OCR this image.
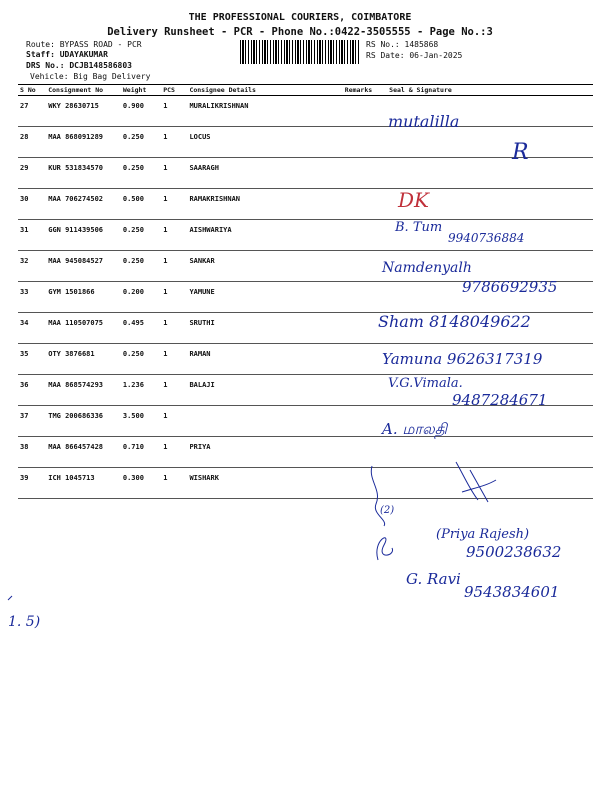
THE PROFESSIONAL COURIERS, COIMBATORE
Delivery Runsheet - PCR - Phone No.:0422-3505555 - Page No.:3
Route: BYPASS ROAD - PCR
Staff: UDAYAKUMAR
DRS No.: DCJB148586803
Vehicle: Big Bag Delivery
RS No.: 1485868
RS Date: 06-Jan-2025
S No	Consignment No	Weight	PCS	Consignee Details	Remarks	Seal & Signature
27	WKY 28630715	0.900	1	MURALIKRISHNAN		
28	MAA 868091289	0.250	1	LOCUS		
29	KUR 531834570	0.250	1	SAARAGH		
30	MAA 706274502	0.500	1	RAMAKRISHNAN		
31	GGN 911439506	0.250	1	AISHWARIYA		
32	MAA 945084527	0.250	1	SANKAR		
33	GYM 1501866	0.200	1	YAMUNE		
34	MAA 110507075	0.495	1	SRUTHI		
35	OTY 3876681	0.250	1	RAMAN		
36	MAA 868574293	1.236	1	BALAJI		
37	TMG 200686336	3.500	1			
38	MAA 866457428	0.710	1	PRIYA		
39	ICH 1045713	0.300	1	WISHARK		
mutalilla
R
DK
B. Tum
9940736884
Namdenyalh
9786692935
Sham 8148049622
Yamuna 9626317319
V.G.Vimala.
9487284671
A. மாலதி
(2)
(Priya Rajesh)
9500238632
G. Ravi
9543834601
1. 5)
